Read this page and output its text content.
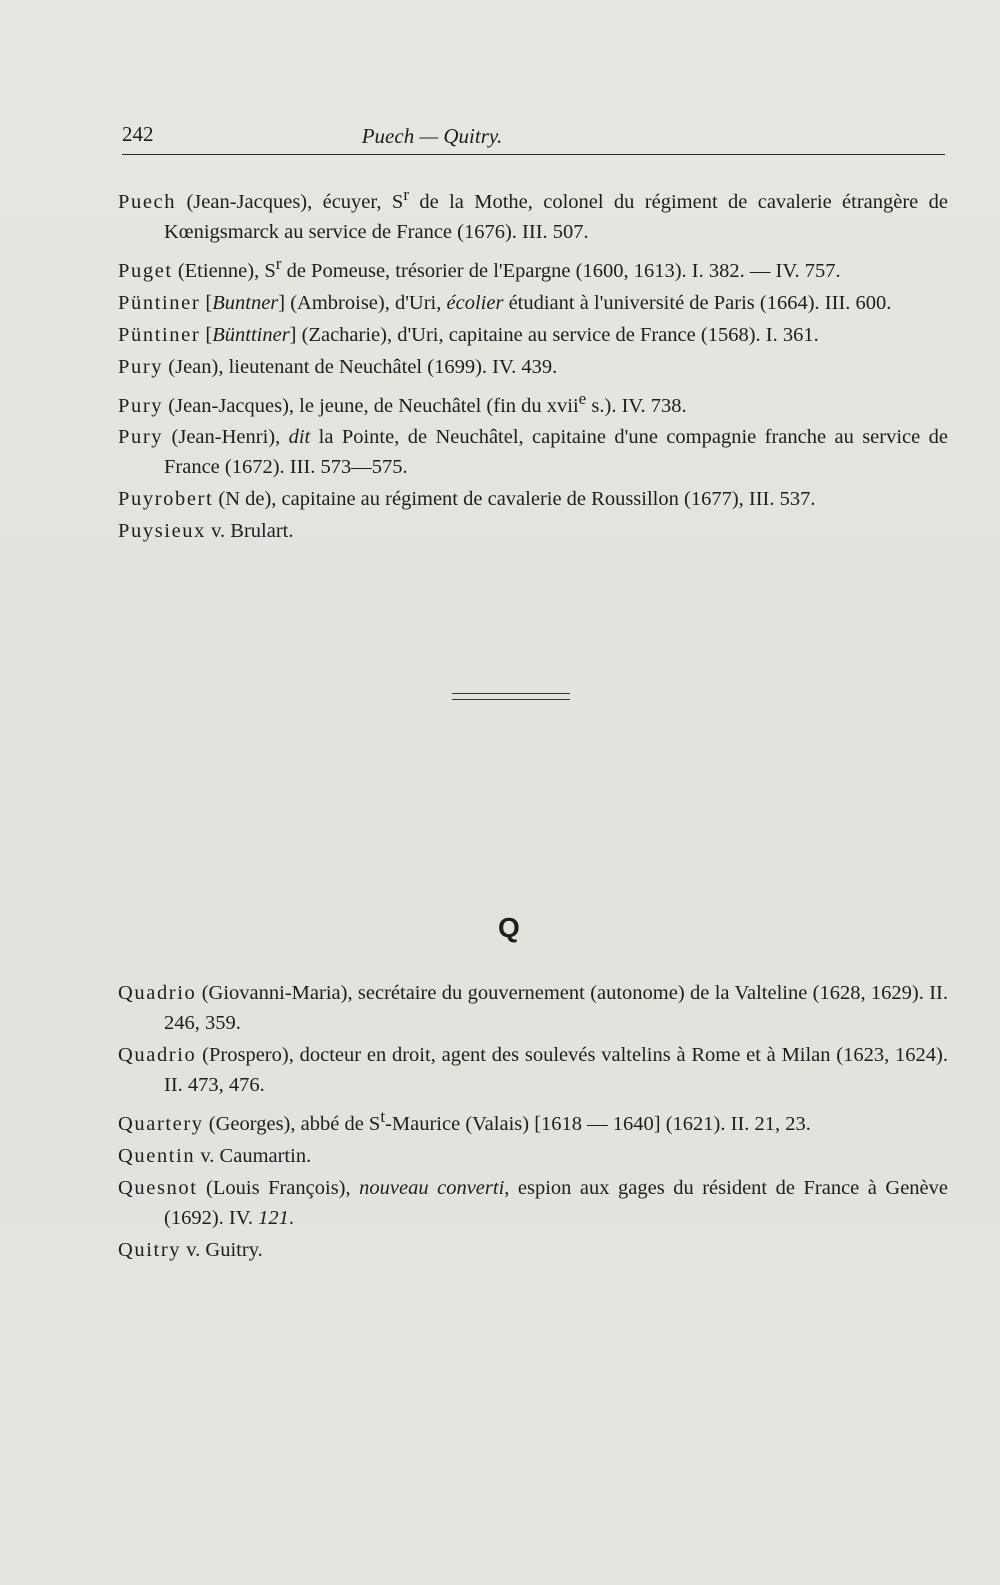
242	Puech — Quitry.

Puech (Jean-Jacques), écuyer, $S^r$ de la Mothe, colonel du régiment de cavalerie étrangère de Kœnigsmarck au service de France (1676). III. 507.

Puget (Etienne), $S^r$ de Pomeuse, trésorier de l'Epargne (1600, 1613). I. 382. — IV. 757.

Püntiner [Buntner] (Ambroise), d'Uri, écolier étudiant à l'université de Paris (1664). III. 600.

Püntiner [Bünttiner] (Zacharie), d'Uri, capitaine au service de France (1568). I. 361.

Pury (Jean), lieutenant de Neuchâtel (1699). IV. 439.

Pury (Jean-Jacques), le jeune, de Neuchâtel (fin du xvii$^e$ s.). IV. 738.

Pury (Jean-Henri), dit la Pointe, de Neuchâtel, capitaine d'une compagnie franche au service de France (1672). III. 573—575.

Puyrobert (N de), capitaine au régiment de cavalerie de Roussillon (1677), III. 537.

Puysieux v. Brulart.

Q

Quadrio (Giovanni-Maria), secrétaire du gouvernement (autonome) de la Valteline (1628, 1629). II. 246, 359.

Quadrio (Prospero), docteur en droit, agent des soulevés valtelins à Rome et à Milan (1623, 1624). II. 473, 476.

Quartery (Georges), abbé de $S^t$-Maurice (Valais) [1618 — 1640] (1621). II. 21, 23.

Quentin v. Caumartin.

Quesnot (Louis François), nouveau converti, espion aux gages du résident de France à Genève (1692). IV. 121.

Quitry v. Guitry.
